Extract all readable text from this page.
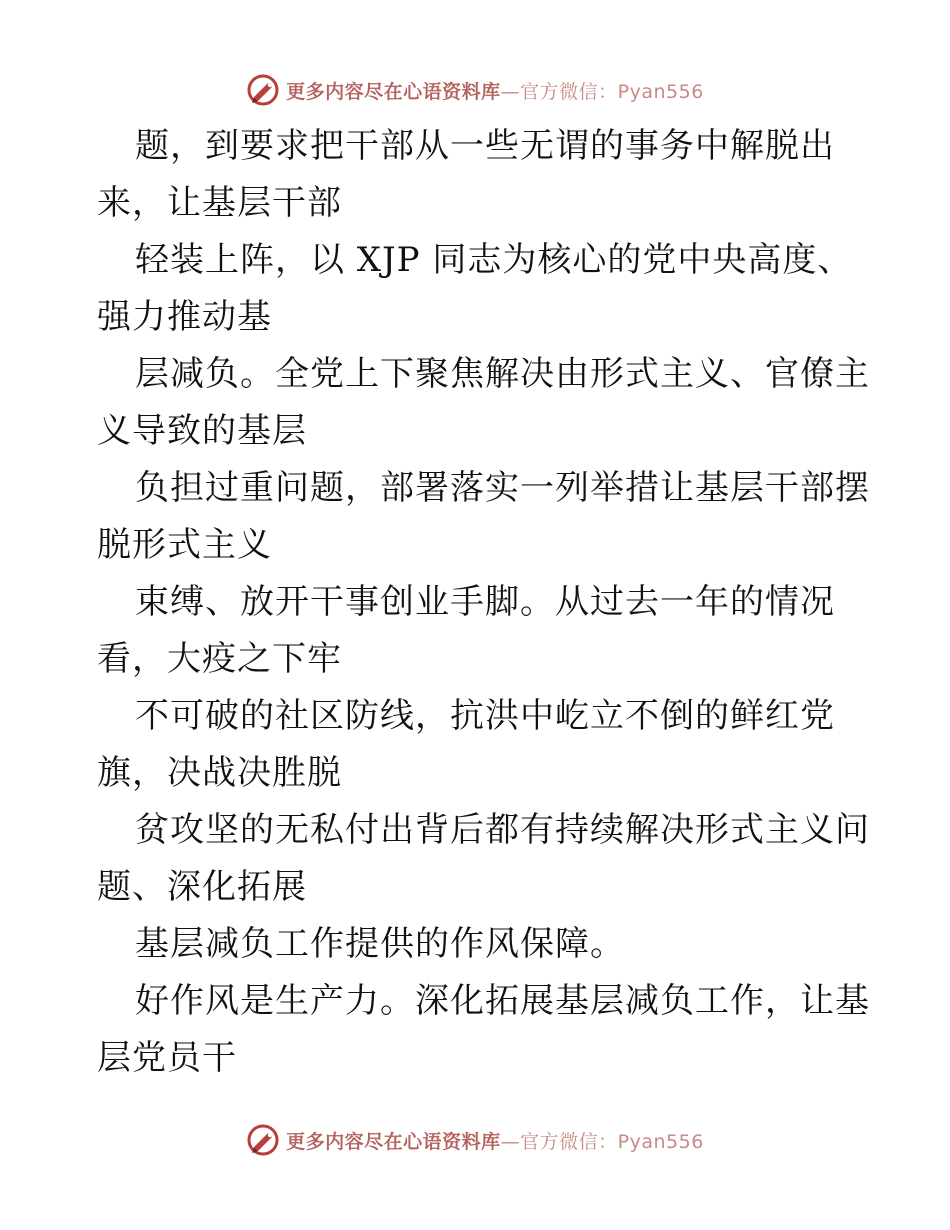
更多内容尽在心语资料库—官方微信：Pyan556
题，到要求把干部从一些无谓的事务中解脱出
来，让基层干部
轻装上阵，以 XJP 同志为核心的党中央高度、
强力推动基
层减负。全党上下聚焦解决由形式主义、官僚主
义导致的基层
负担过重问题，部署落实一列举措让基层干部摆
脱形式主义
束缚、放开干事创业手脚。从过去一年的情况
看，大疫之下牢
不可破的社区防线，抗洪中屹立不倒的鲜红党
旗，决战决胜脱
贫攻坚的无私付出背后都有持续解决形式主义问
题、深化拓展
基层减负工作提供的作风保障。
好作风是生产力。深化拓展基层减负工作，让基
层党员干
更多内容尽在心语资料库—官方微信：Pyan556
